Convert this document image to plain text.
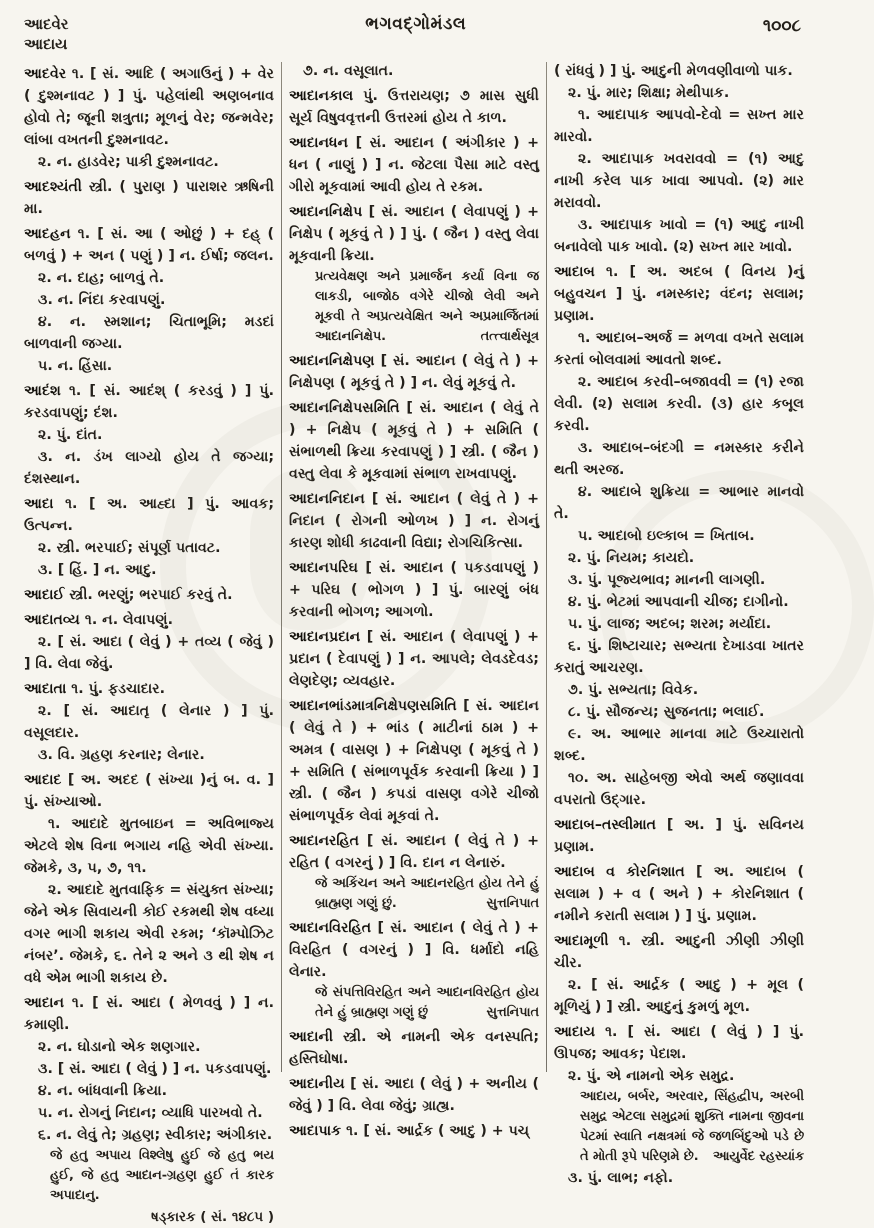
આદવેર
આદાય
ભગવદ્ગોમંડલ	૧૦૦૮

આદવેર ૧. [ સં. આદિ ( અગાઉનું ) + વેર ( દુશ્મનાવટ ) ] પું. પહેલાંથી અણબનાવ હોવો તે; જૂની શત્રુતા; મૂળનું વેર; જન્મવેર; લાંબા વખતની દુશ્મનાવટ.

૨. ન. હાડવેર; પાકી દુશ્મનાવટ.

આદશ્યંતી સ્ત્રી. ( પુરાણ ) પારાશર ઋષિની મા.

આદહન ૧. [ સં. આ ( ઓછું ) + દહ્ ( બળવું ) + અન ( પણું ) ] ન. ઈર્ષા; જલન.

૨. ન. દાહ; બાળવું તે.

૩. ન. નિંદા કરવાપણું.

૪. ન. સ્મશાન; ચિતાભૂમિ; મડદાં બાળવાની જગ્યા.

૫. ન. હિંસા.

આદંશ ૧. [ સં. આદંશ્ ( કરડવું ) ] પું. કરડવાપણું; દંશ.

૨. પું. દાંત.

૩. ન. ડંખ લાગ્યો હોય તે જગ્યા; દંશસ્થાન.

આદા ૧. [ અ. આહ્દા ] પું. આવક; ઉત્પન્ન.

૨. સ્ત્રી. ભરપાઈ; સંપૂર્ણ પતાવટ.

૩. [ હિં. ] ન. આદુ.

આદાઈ સ્ત્રી. ભરણું; ભરપાઈ કરવું તે.

આદાતવ્ય ૧. ન. લેવાપણું.

૨. [ સં. આદા ( લેવું ) + તવ્ય ( જેવું ) ] વિ. લેવા જેવું.

આદાતા ૧. પું. ફડચાદાર.

૨. [ સં. આદાતૃ ( લેનાર ) ] પું. વસૂલદાર.

૩. વિ. ગ્રહણ કરનાર; લેનાર.

આદાદ [ અ. અદદ ( સંખ્યા )નું બ. વ. ] પું. સંખ્યાઓ.

૧. આદાદે મુતબાઇન = અવિભાજ્ય એટલે શેષ વિના ભગાય નહિ એવી સંખ્યા. જેમકે, ૩, ૫, ૭, ૧૧.

૨. આદાદે મુતવાફિક = સંયુક્ત સંખ્યા; જેને એક સિવાયની કોઈ રકમથી શેષ વધ્યા વગર ભાગી શકાય એવી રકમ; ‘કૉમ્પોઝિટ નંબર’. જેમકે, ૬. તેને ૨ અને ૩ થી શેષ ન વધે એમ ભાગી શકાય છે.

આદાન ૧. [ સં. આદા ( મેળવવું ) ] ન. કમાણી.

૨. ન. ઘોડાનો એક શણગાર.

૩. [ સં. આદા ( લેવું ) ] ન. પકડવાપણું.

૪. ન. બાંધવાની ક્રિયા.

૫. ન. રોગનું નિદાન; વ્યાધિ પારખવો તે.

૬. ન. લેવું તે; ગ્રહણ; સ્વીકાર; અંગીકાર.

જે હતુ અપાય વિશ્લેષુ હુઈ જે હતુ ભય હુઈ, જે હતુ આદાન-ગ્રહણ હુઈ તં કારક અપાદાનુ.

ષડ્કારક ( સં. ૧૪૮૫ )

૭. ન. વસૂલાત.

આદાનકાલ પું. ઉત્તરાયણ; ૭ માસ સુધી સૂર્ય વિષુવવૃત્તની ઉત્તરમાં હોય તે કાળ.

આદાનધન [ સં. આદાન ( અંગીકાર ) + ધન ( નાણું ) ] ન. જેટલા પૈસા માટે વસ્તુ ગીરો મૂકવામાં આવી હોય તે રકમ.

આદાનનિક્ષેપ [ સં. આદાન ( લેવાપણું ) + નિક્ષેપ ( મૂકવું તે ) ] પું. ( જૈન ) વસ્તુ લેવા મૂકવાની ક્રિયા.

પ્રત્યવેક્ષણ અને પ્રમાર્જન કર્યા વિના જ લાકડી, બાજોઠ વગેરે ચીજો લેવી અને મૂકવી તે અપ્રત્યવેક્ષિત અને અપ્રમાર્જિતમાં આદાનનિક્ષેપ.	તત્ત્વાર્થસૂત્ર

આદાનનિક્ષેપણ [ સં. આદાન ( લેવું તે ) + નિક્ષેપણ ( મૂકવું તે ) ] ન. લેવું મૂકવું તે.

આદાનનિક્ષેપસમિતિ [ સં. આદાન ( લેવું તે ) + નિક્ષેપ ( મૂકવું તે ) + સમિતિ ( સંભાળથી ક્રિયા કરવાપણું ) ] સ્ત્રી. ( જૈન ) વસ્તુ લેવા કે મૂકવામાં સંભાળ રાખવાપણું.

આદાનનિદાન [ સં. આદાન ( લેવું તે ) + નિદાન ( રોગની ઓળખ ) ] ન. રોગનું કારણ શોધી કાઢવાની વિદ્યા; રોગચિકિત્સા.

આદાનપરિઘ [ સં. આદાન ( પકડવાપણું ) + પરિઘ ( ભોગળ ) ] પું. બારણું બંધ કરવાની ભોગળ; આગળો.

આદાનપ્રદાન [ સં. આદાન ( લેવાપણું ) + પ્રદાન ( દેવાપણું ) ] ન. આપલે; લેવડદેવડ; લેણદેણ; વ્યવહાર.

આદાનભાંડમાત્રનિક્ષેપણસમિતિ [ સં. આદાન ( લેવું તે ) + ભાંડ ( માટીનાં ઠામ ) + અમત્ર ( વાસણ ) + નિક્ષેપણ ( મૂકવું તે ) + સમિતિ ( સંભાળપૂર્વક કરવાની ક્રિયા ) ] સ્ત્રી. ( જૈન ) કપડાં વાસણ વગેરે ચીજો સંભાળપૂર્વક લેવાં મૂકવાં તે.

આદાનરહિત [ સં. આદાન ( લેવું તે ) + રહિત ( વગરનું ) ] વિ. દાન ન લેનારું.

જે અકિંચન અને આદાનરહિત હોય તેને હું બ્રાહ્મણ ગણું છું.	સુત્તનિપાત

આદાનવિરહિત [ સં. આદાન ( લેવું તે ) + વિરહિત ( વગરનું ) ] વિ. ધર્માદો નહિ લેનાર.

જે સંપત્તિવિરહિત અને આદાનવિરહિત હોય તેને હું બ્રાહ્મણ ગણું છું	સુત્તનિપાત

આદાની સ્ત્રી. એ નામની એક વનસ્પતિ; હસ્તિઘોષા.

આદાનીય [ સં. આદા ( લેવું ) + અનીય ( જેવું ) ] વિ. લેવા જેવું; ગ્રાહ્ય.

આદાપાક ૧. [ સં. આર્દ્રક ( આદુ ) + પચ્

( રાંધવું ) ] પું. આદુની મેળવણીવાળો પાક.

૨. પું. માર; શિક્ષા; મેથીપાક.

૧. આદાપાક આપવો-દેવો = સખ્ત માર મારવો.

૨. આદાપાક ખવરાવવો = (૧) આદુ નાખી કરેલ પાક ખાવા આપવો. (૨) માર મરાવવો.

૩. આદાપાક ખાવો = (૧) આદુ નાખી બનાવેલો પાક ખાવો. (૨) સખ્ત માર ખાવો.

આદાબ ૧. [ અ. અદબ ( વિનય )નું બહુવચન ] પું. નમસ્કાર; વંદન; સલામ; પ્રણામ.

૧. આદાબ–અર્જ = મળવા વખતે સલામ કરતાં બોલવામાં આવતો શબ્દ.

૨. આદાબ કરવી–બજાવવી = (૧) રજા લેવી. (૨) સલામ કરવી. (૩) હાર કબૂલ કરવી.

૩. આદાબ–બંદગી = નમસ્કાર કરીને થતી અરજ.

૪. આદાબે શુક્રિયા = આભાર માનવો તે.

૫. આદાબો ઇલ્કાબ = ખિતાબ.

૨. પું. નિયમ; કાયદો.

૩. પું. પૂજ્યભાવ; માનની લાગણી.

૪. પું. ભેટમાં આપવાની ચીજ; દાગીનો.

૫. પું. લાજ; અદબ; શરમ; મર્યાદા.

૬. પું. શિષ્ટાચાર; સભ્યતા દેખાડવા ખાતર કરાતું આચરણ.

૭. પું. સભ્યતા; વિવેક.

૮. પું. સૌજન્ય; સુજનતા; ભલાઈ.

૯. અ. આભાર માનવા માટે ઉચ્ચારાતો શબ્દ.

૧૦. અ. સાહેબજી એવો અર્થ જણાવવા વપરાતો ઉદ્ગાર.

આદાબ–તસ્લીમાત [ અ. ] પું. સવિનય પ્રણામ.

આદાબ વ કોરનિશાત [ અ. આદાબ ( સલામ ) + વ ( અને ) + કોરનિશાત ( નમીને કરાતી સલામ ) ] પું. પ્રણામ.

આદામૂળી ૧. સ્ત્રી. આદુની ઝીણી ઝીણી ચીર.

૨. [ સં. આર્દ્રક ( આદુ ) + મૂલ ( મૂળિયું ) ] સ્ત્રી. આદુનું કુમળું મૂળ.

આદાય ૧. [ સં. આદા ( લેવું ) ] પું. ઊપજ; આવક; પેદાશ.

૨. પું. એ નામનો એક સમુદ્ર.

આદાય, બર્બર, અરવાર, સિંહદ્વીપ, અરબી સમુદ્ર એટલા સમુદ્રમાં શુક્તિ નામના જીવના પેટમાં સ્વાતિ નક્ષત્રમાં જે જળબિંદુઓ પડે છે તે મોતી રૂપે પરિણમે છે. આયુર્વેદ રહસ્યાંક

૩. પું. લાભ; નફો.
